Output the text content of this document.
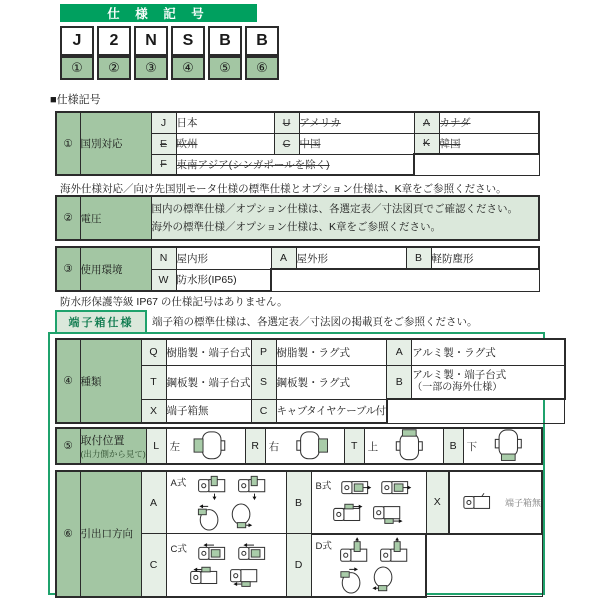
仕 様 記 号
J	2	N	S	B	B
①	②	③	④	⑤	⑥
■仕様記号
①	国別対応	J	日本	U	アメリカ	A	カナダ
		E	欧州	C	中国	K	韓国
		F	東南アジア(シンガポールを除く)				
海外仕様対応／向け先国別モータ仕様の標準仕様とオプション仕様は、K章をご参照ください。
②	電圧	
国内の標準仕様／オプション仕様は、各選定表／寸法図頁でご確認ください。
海外の標準仕様／オプション仕様は、K章をご参照ください。
③	使用環境	N	屋内形	A	屋外形	B	軽防塵形
		W	防水形(IP65)				
防水形保護等級 IP67 の仕様記号はありません。
端子箱仕様	端子箱の標準仕様は、各選定表／寸法図の掲載頁をご参照ください。
④	種類	Q	樹脂製・端子台式	P	樹脂製・ラグ式	A	アルミ製・ラグ式
		T	鋼板製・端子台式	S	鋼板製・ラグ式	B	アルミ製・端子台式
（一部の海外仕様）

		X	端子箱無	C	キャブタイヤケーブル付		
⑤	取付位置
(出力側から見て)
	L	左	R	右	T	上	B	下
⑥	引出口方向	A	A式	B	B式	X	端子箱無

		C	C式	D	D式		
